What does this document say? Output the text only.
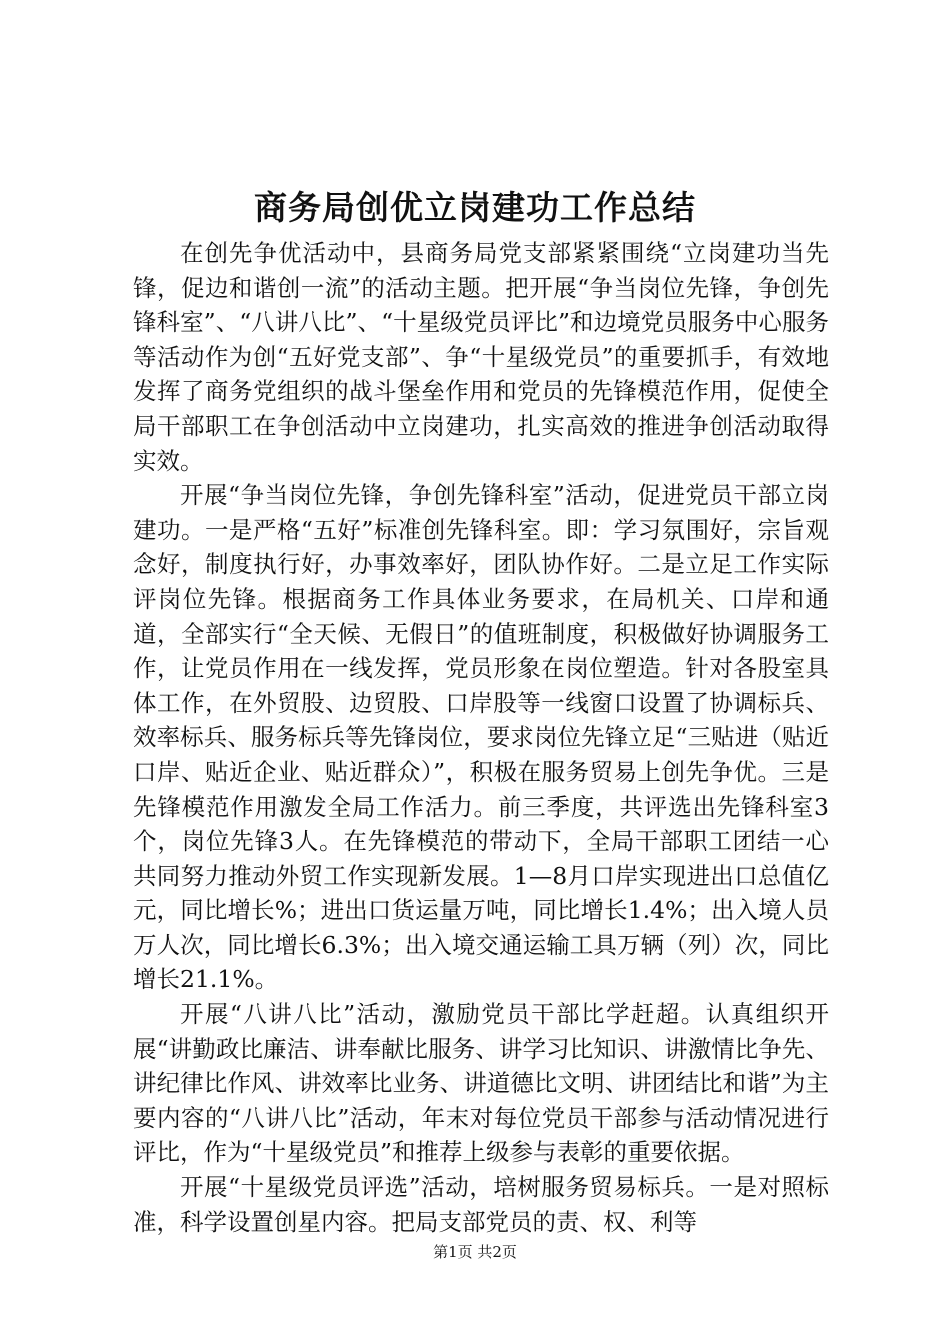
商务局创优立岗建功工作总结

在创先争优活动中，县商务局党支部紧紧围绕“立岗建功当先锋，促边和谐创一流”的活动主题。把开展“争当岗位先锋，争创先锋科室”、“八讲八比”、“十星级党员评比”和边境党员服务中心服务等活动作为创“五好党支部”、争“十星级党员”的重要抓手，有效地发挥了商务党组织的战斗堡垒作用和党员的先锋模范作用，促使全局干部职工在争创活动中立岗建功，扎实高效的推进争创活动取得实效。

开展“争当岗位先锋，争创先锋科室”活动，促进党员干部立岗建功。一是严格“五好”标准创先锋科室。即：学习氛围好，宗旨观念好，制度执行好，办事效率好，团队协作好。二是立足工作实际评岗位先锋。根据商务工作具体业务要求，在局机关、口岸和通道，全部实行“全天候、无假日”的值班制度，积极做好协调服务工作，让党员作用在一线发挥，党员形象在岗位塑造。针对各股室具体工作，在外贸股、边贸股、口岸股等一线窗口设置了协调标兵、效率标兵、服务标兵等先锋岗位，要求岗位先锋立足“三贴进（贴近口岸、贴近企业、贴近群众）”，积极在服务贸易上创先争优。三是先锋模范作用激发全局工作活力。前三季度，共评选出先锋科室3个，岗位先锋3人。在先锋模范的带动下，全局干部职工团结一心共同努力推动外贸工作实现新发展。1—8月口岸实现进出口总值亿元，同比增长%；进出口货运量万吨，同比增长1.4%；出入境人员万人次，同比增长6.3%；出入境交通运输工具万辆（列）次，同比增长21.1%。

开展“八讲八比”活动，激励党员干部比学赶超。认真组织开展“讲勤政比廉洁、讲奉献比服务、讲学习比知识、讲激情比争先、讲纪律比作风、讲效率比业务、讲道德比文明、讲团结比和谐”为主要内容的“八讲八比”活动，年末对每位党员干部参与活动情况进行评比，作为“十星级党员”和推荐上级参与表彰的重要依据。

开展“十星级党员评选”活动，培树服务贸易标兵。一是对照标准，科学设置创星内容。把局支部党员的责、权、利等

第1页 共2页
